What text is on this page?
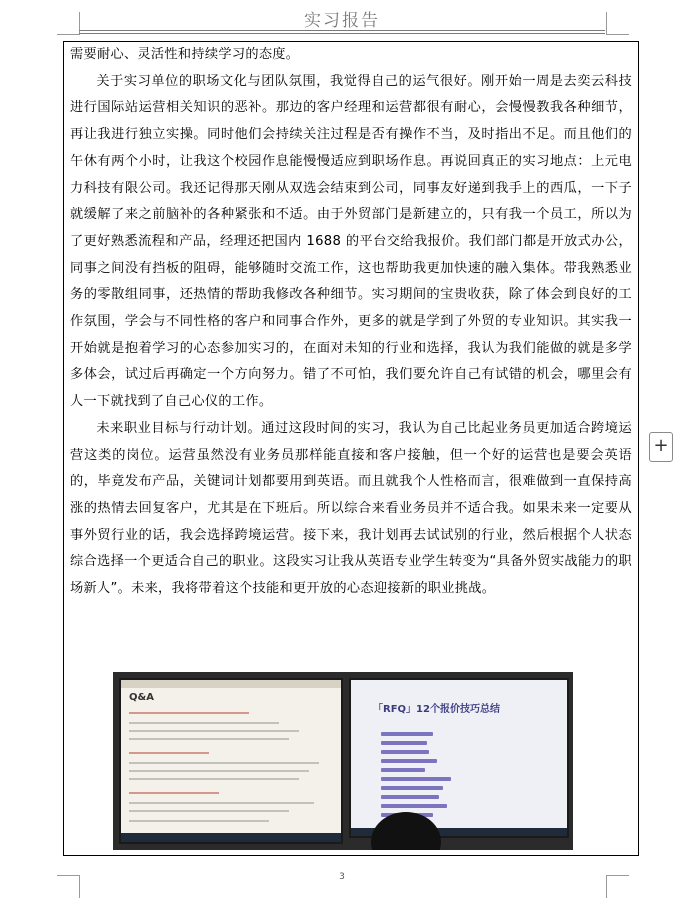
实习报告

需要耐心、灵活性和持续学习的态度。

关于实习单位的职场文化与团队氛围，我觉得自己的运气很好。刚开始一周是去奕云科技进行国际站运营相关知识的恶补。那边的客户经理和运营都很有耐心，会慢慢教我各种细节，再让我进行独立实操。同时他们会持续关注过程是否有操作不当，及时指出不足。而且他们的午休有两个小时，让我这个校园作息能慢慢适应到职场作息。再说回真正的实习地点：上元电力科技有限公司。我还记得那天刚从双选会结束到公司，同事友好递到我手上的西瓜，一下子就缓解了来之前脑补的各种紧张和不适。由于外贸部门是新建立的，只有我一个员工，所以为了更好熟悉流程和产品，经理还把国内 1688 的平台交给我报价。我们部门都是开放式办公，同事之间没有挡板的阻碍，能够随时交流工作，这也帮助我更加快速的融入集体。带我熟悉业务的零散组同事，还热情的帮助我修改各种细节。实习期间的宝贵收获，除了体会到良好的工作氛围，学会与不同性格的客户和同事合作外，更多的就是学到了外贸的专业知识。其实我一开始就是抱着学习的心态参加实习的，在面对未知的行业和选择，我认为我们能做的就是多学多体会，试过后再确定一个方向努力。错了不可怕，我们要允许自己有试错的机会，哪里会有人一下就找到了自己心仪的工作。

未来职业目标与行动计划。通过这段时间的实习，我认为自己比起业务员更加适合跨境运营这类的岗位。运营虽然没有业务员那样能直接和客户接触，但一个好的运营也是要会英语的，毕竟发布产品，关键词计划都要用到英语。而且就我个人性格而言，很难做到一直保持高涨的热情去回复客户，尤其是在下班后。所以综合来看业务员并不适合我。如果未来一定要从事外贸行业的话，我会选择跨境运营。接下来，我计划再去试试别的行业，然后根据个人状态综合选择一个更适合自己的职业。这段实习让我从英语专业学生转变为“具备外贸实战能力的职场新人”。未来，我将带着这个技能和更开放的心态迎接新的职业挑战。

Q&A
「RFQ」12个报价技巧总结
3
+
